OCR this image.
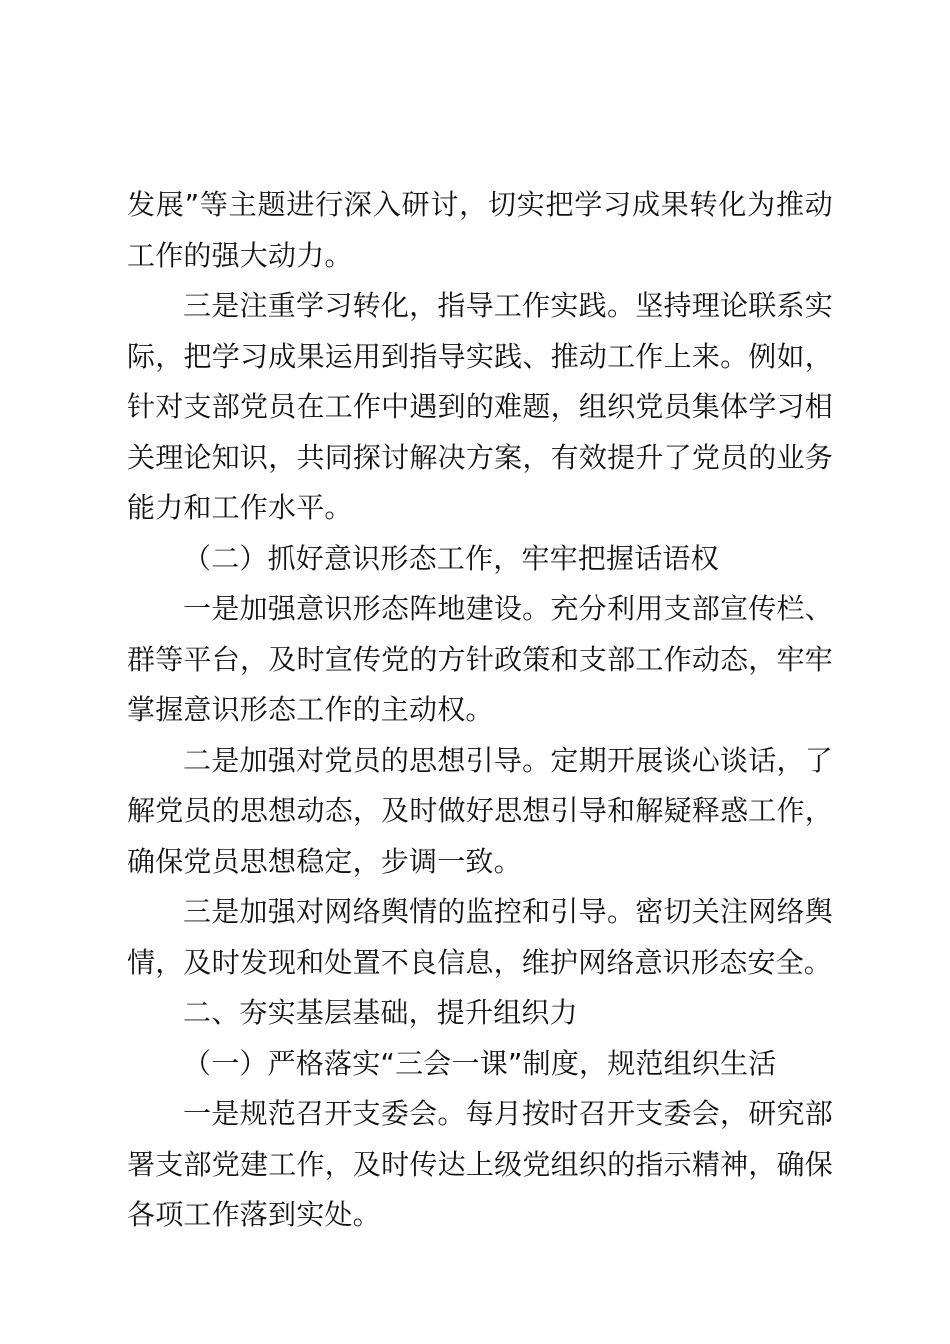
发展”等主题进行深入研讨，切实把学习成果转化为推动工作的强大动力。

三是注重学习转化，指导工作实践。坚持理论联系实际，把学习成果运用到指导实践、推动工作上来。例如，针对支部党员在工作中遇到的难题，组织党员集体学习相关理论知识，共同探讨解决方案，有效提升了党员的业务能力和工作水平。

（二）抓好意识形态工作，牢牢把握话语权

一是加强意识形态阵地建设。充分利用支部宣传栏、群等平台，及时宣传党的方针政策和支部工作动态，牢牢掌握意识形态工作的主动权。

二是加强对党员的思想引导。定期开展谈心谈话，了解党员的思想动态，及时做好思想引导和解疑释惑工作，确保党员思想稳定，步调一致。

三是加强对网络舆情的监控和引导。密切关注网络舆情，及时发现和处置不良信息，维护网络意识形态安全。

二、夯实基层基础，提升组织力

（一）严格落实“三会一课”制度，规范组织生活

一是规范召开支委会。每月按时召开支委会，研究部署支部党建工作，及时传达上级党组织的指示精神，确保各项工作落到实处。
